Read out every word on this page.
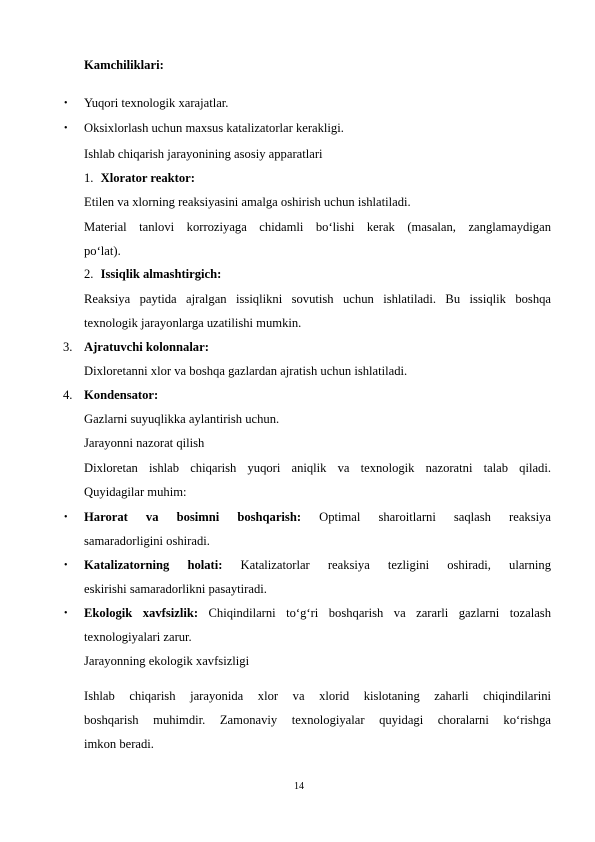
Kamchiliklari:
• Yuqori texnologik xarajatlar.
• Oksixlorlash uchun maxsus katalizatorlar kerakligi.
Ishlab chiqarish jarayonining asosiy apparatlari
1. Xlorator reaktor:
Etilen va xlorning reaksiyasini amalga oshirish uchun ishlatiladi.
Material tanlovi korroziyaga chidamli bo‘lishi kerak (masalan, zanglamaydigan
po‘lat).
2. Issiqlik almashtirgich:
Reaksiya paytida ajralgan issiqlikni sovutish uchun ishlatiladi. Bu issiqlik boshqa
texnologik jarayonlarga uzatilishi mumkin.
3. Ajratuvchi kolonnalar:
Dixloretanni xlor va boshqa gazlardan ajratish uchun ishlatiladi.
4. Kondensator:
Gazlarni suyuqlikka aylantirish uchun.
Jarayonni nazorat qilish
Dixloretan ishlab chiqarish yuqori aniqlik va texnologik nazoratni talab qiladi.
Quyidagilar muhim:
• Harorat va bosimni boshqarish: Optimal sharoitlarni saqlash reaksiya
samaradorligini oshiradi.
• Katalizatorning holati: Katalizatorlar reaksiya tezligini oshiradi, ularning
eskirishi samaradorlikni pasaytiradi.
• Ekologik xavfsizlik: Chiqindilarni to‘g‘ri boshqarish va zararli gazlarni tozalash
texnologiyalari zarur.
Jarayonning ekologik xavfsizligi
Ishlab chiqarish jarayonida xlor va xlorid kislotaning zaharli chiqindilarini
boshqarish muhimdir. Zamonaviy texnologiyalar quyidagi choralarni ko‘rishga
imkon beradi.
14
